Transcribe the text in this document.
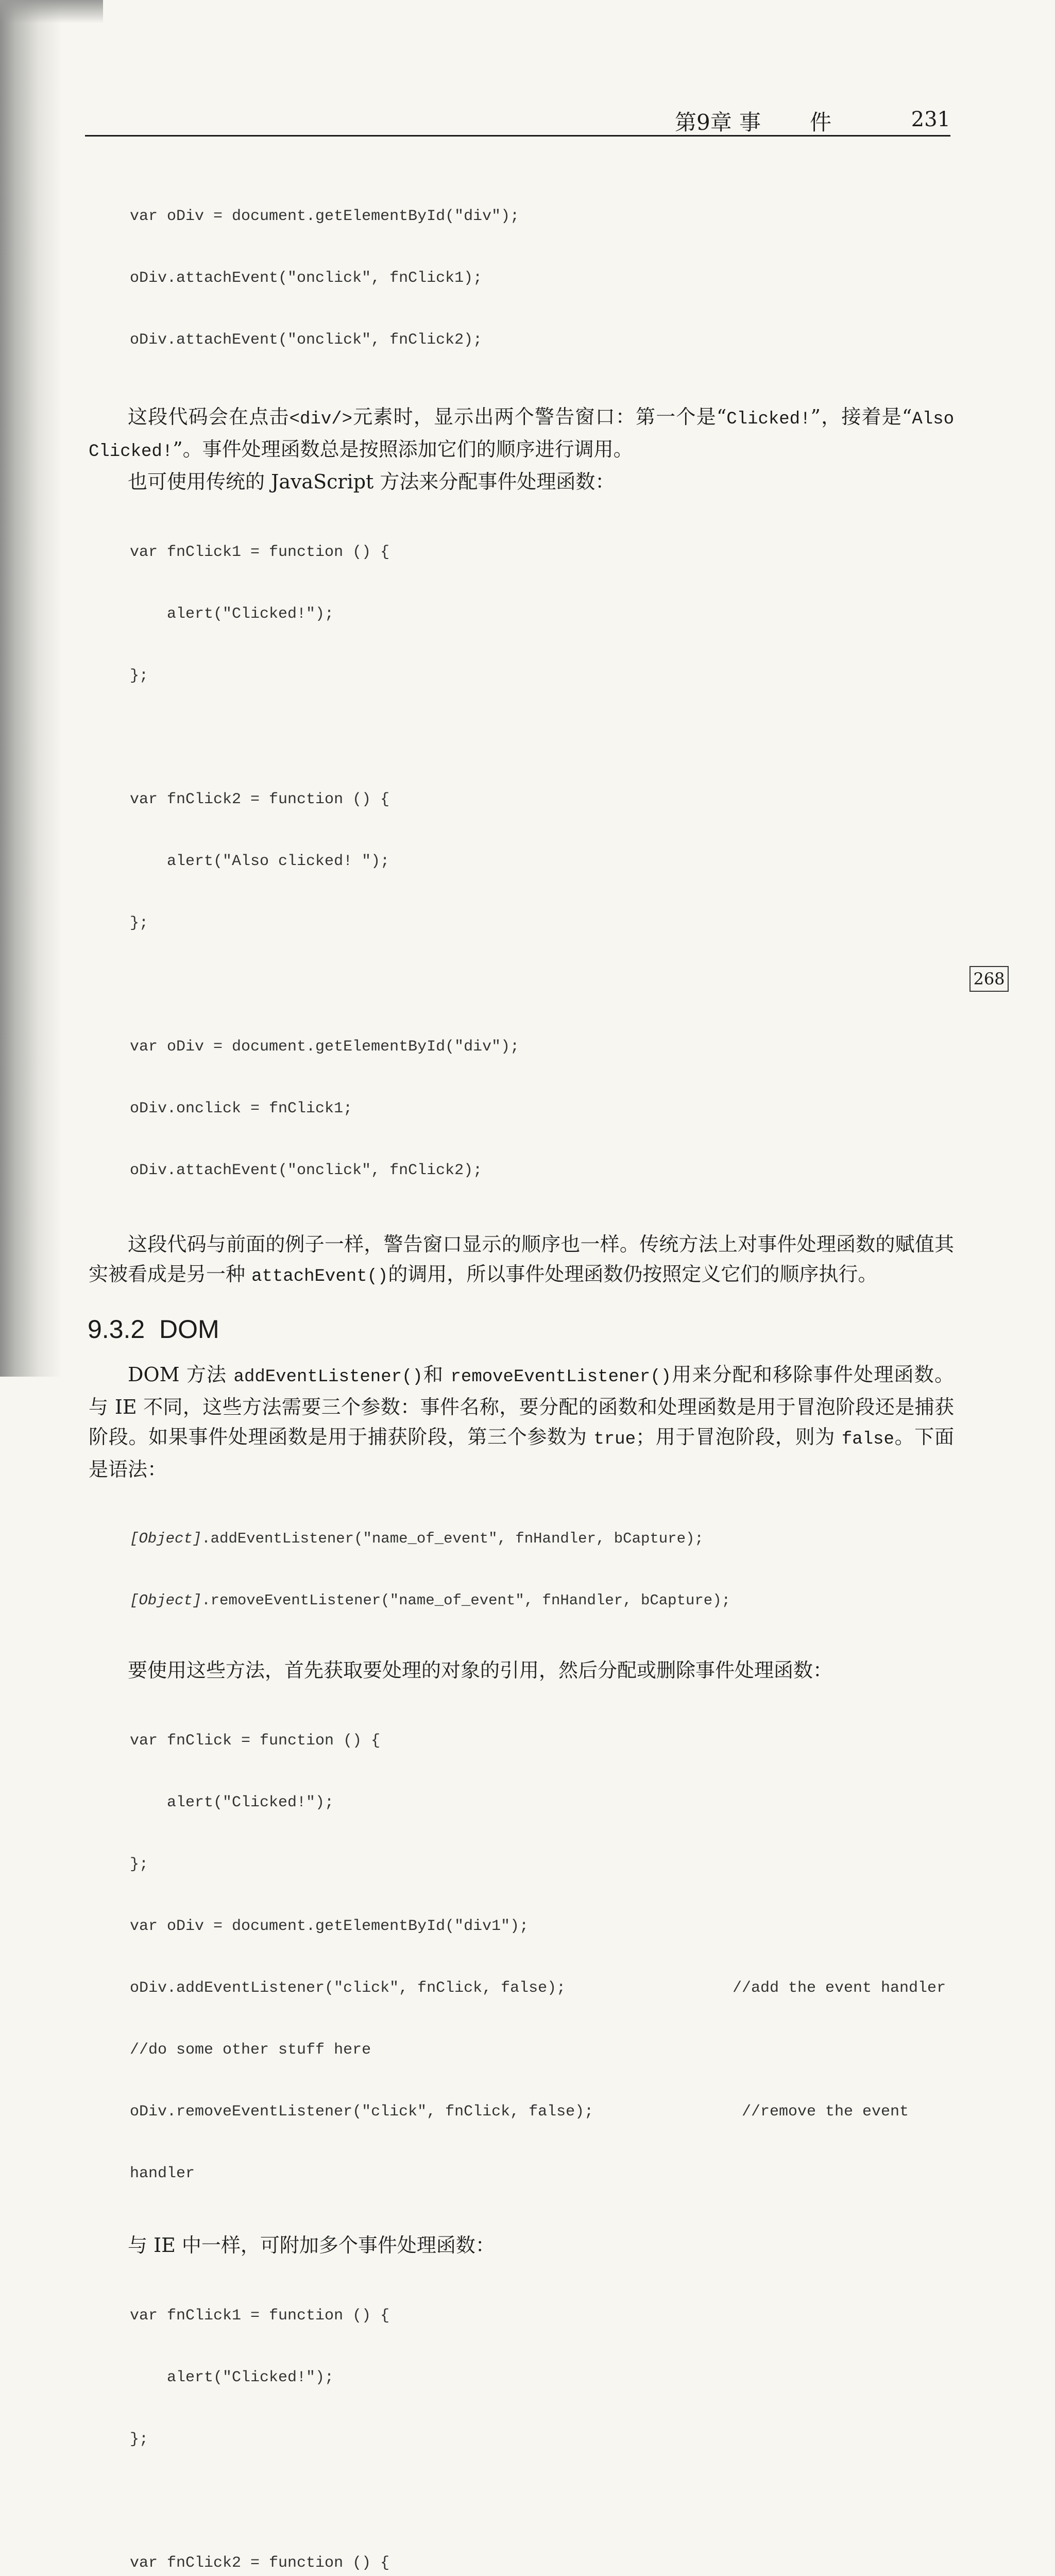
第9章 事件 231
268

var oDiv = document.getElementById("div");

oDiv.attachEvent("onclick", fnClick1);

oDiv.attachEvent("onclick", fnClick2);

这段代码会在点击<div/>元素时，显示出两个警告窗口：第一个是“Clicked!”，接着是“Also Clicked!”。事件处理函数总是按照添加它们的顺序进行调用。

也可使用传统的 JavaScript 方法来分配事件处理函数：

var fnClick1 = function () {

alert("Clicked!");

};

var fnClick2 = function () {

alert("Also clicked! ");

};

var oDiv = document.getElementById("div");

oDiv.onclick = fnClick1;

oDiv.attachEvent("onclick", fnClick2);

这段代码与前面的例子一样，警告窗口显示的顺序也一样。传统方法上对事件处理函数的赋值其实被看成是另一种 attachEvent()的调用，所以事件处理函数仍按照定义它们的顺序执行。

9.3.2 DOM

DOM 方法 addEventListener()和 removeEventListener()用来分配和移除事件处理函数。与 IE 不同，这些方法需要三个参数：事件名称，要分配的函数和处理函数是用于冒泡阶段还是捕获阶段。如果事件处理函数是用于捕获阶段，第三个参数为 true；用于冒泡阶段，则为 false。下面是语法：

[Object].addEventListener("name_of_event", fnHandler, bCapture);

[Object].removeEventListener("name_of_event", fnHandler, bCapture);

要使用这些方法，首先获取要处理的对象的引用，然后分配或删除事件处理函数：

var fnClick = function () {

alert("Clicked!");

};

var oDiv = document.getElementById("div1");

oDiv.addEventListener("click", fnClick, false);	//add the event handler

//do some other stuff here

oDiv.removeEventListener("click", fnClick, false);	//remove the event

handler

与 IE 中一样，可附加多个事件处理函数：

var fnClick1 = function () {

alert("Clicked!");

};

var fnClick2 = function () {
